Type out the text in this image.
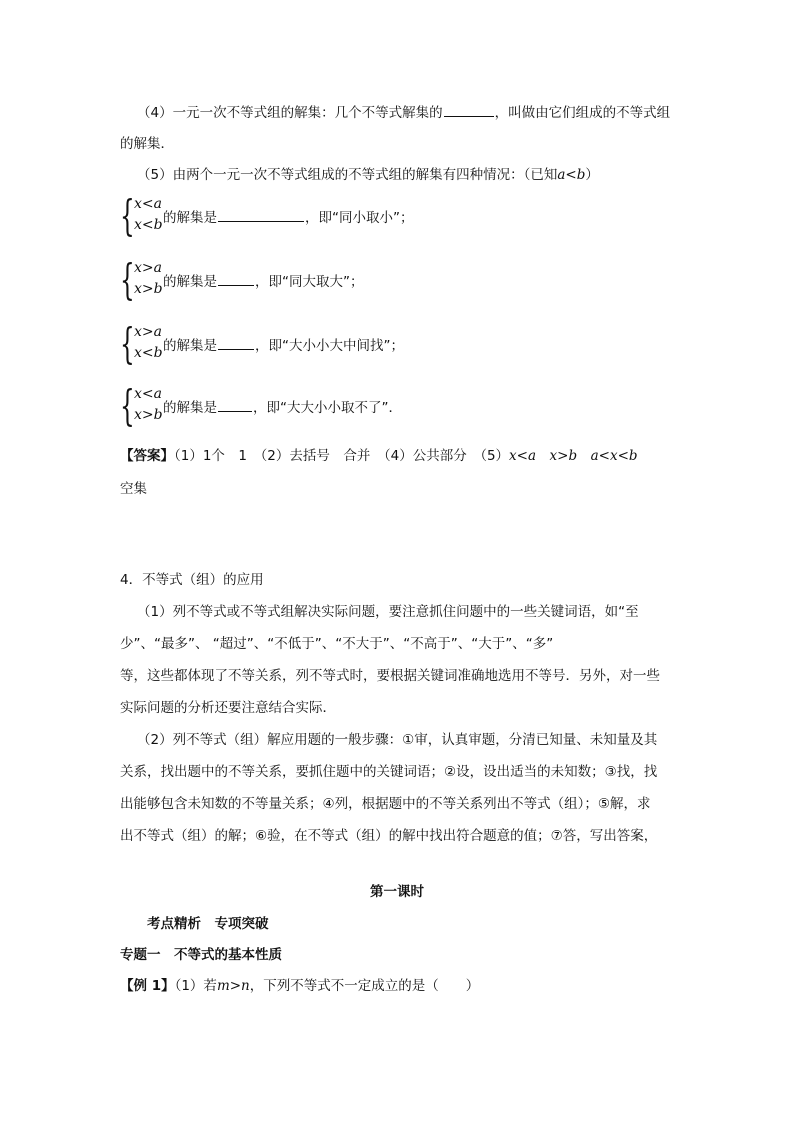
（4）一元一次不等式组的解集：几个不等式解集的	，叫做由它们组成的不等式组
的解集．
（5）由两个一元一次不等式组成的不等式组的解集有四种情况：（已知a<b）
{ x<a
x<b 的解集是	，即“同小取小”；
{ x>a
x>b 的解集是	，即“同大取大”；
{ x>a
x<b 的解集是	，即“大小小大中间找”；
{ x<a
x>b 的解集是	，即“大大小小取不了”．
【答案】（1）1个　1　（2）去括号　合并　（4）公共部分　（5）x<a　 x>b　 a<x<b
空集
4．不等式（组）的应用
（1）列不等式或不等式组解决实际问题，要注意抓住问题中的一些关键词语，如“至
少”、“最多”、 “超过”、“不低于”、“不大于”、“不高于”、“大于”、“多”
等，这些都体现了不等关系，列不等式时，要根据关键词准确地选用不等号．另外，对一些
实际问题的分析还要注意结合实际．
（2）列不等式（组）解应用题的一般步骤：①审，认真审题，分清已知量、未知量及其
关系，找出题中的不等关系，要抓住题中的关键词语；②设，设出适当的未知数；③找，找
出能够包含未知数的不等量关系；④列，根据题中的不等关系列出不等式（组）；⑤解，求
出不等式（组）的解；⑥验，在不等式（组）的解中找出符合题意的值；⑦答，写出答案，
第一课时
考点精析　专项突破
专题一　不等式的基本性质
【例 1】（1）若m>n，下列不等式不一定成立的是（　　）
